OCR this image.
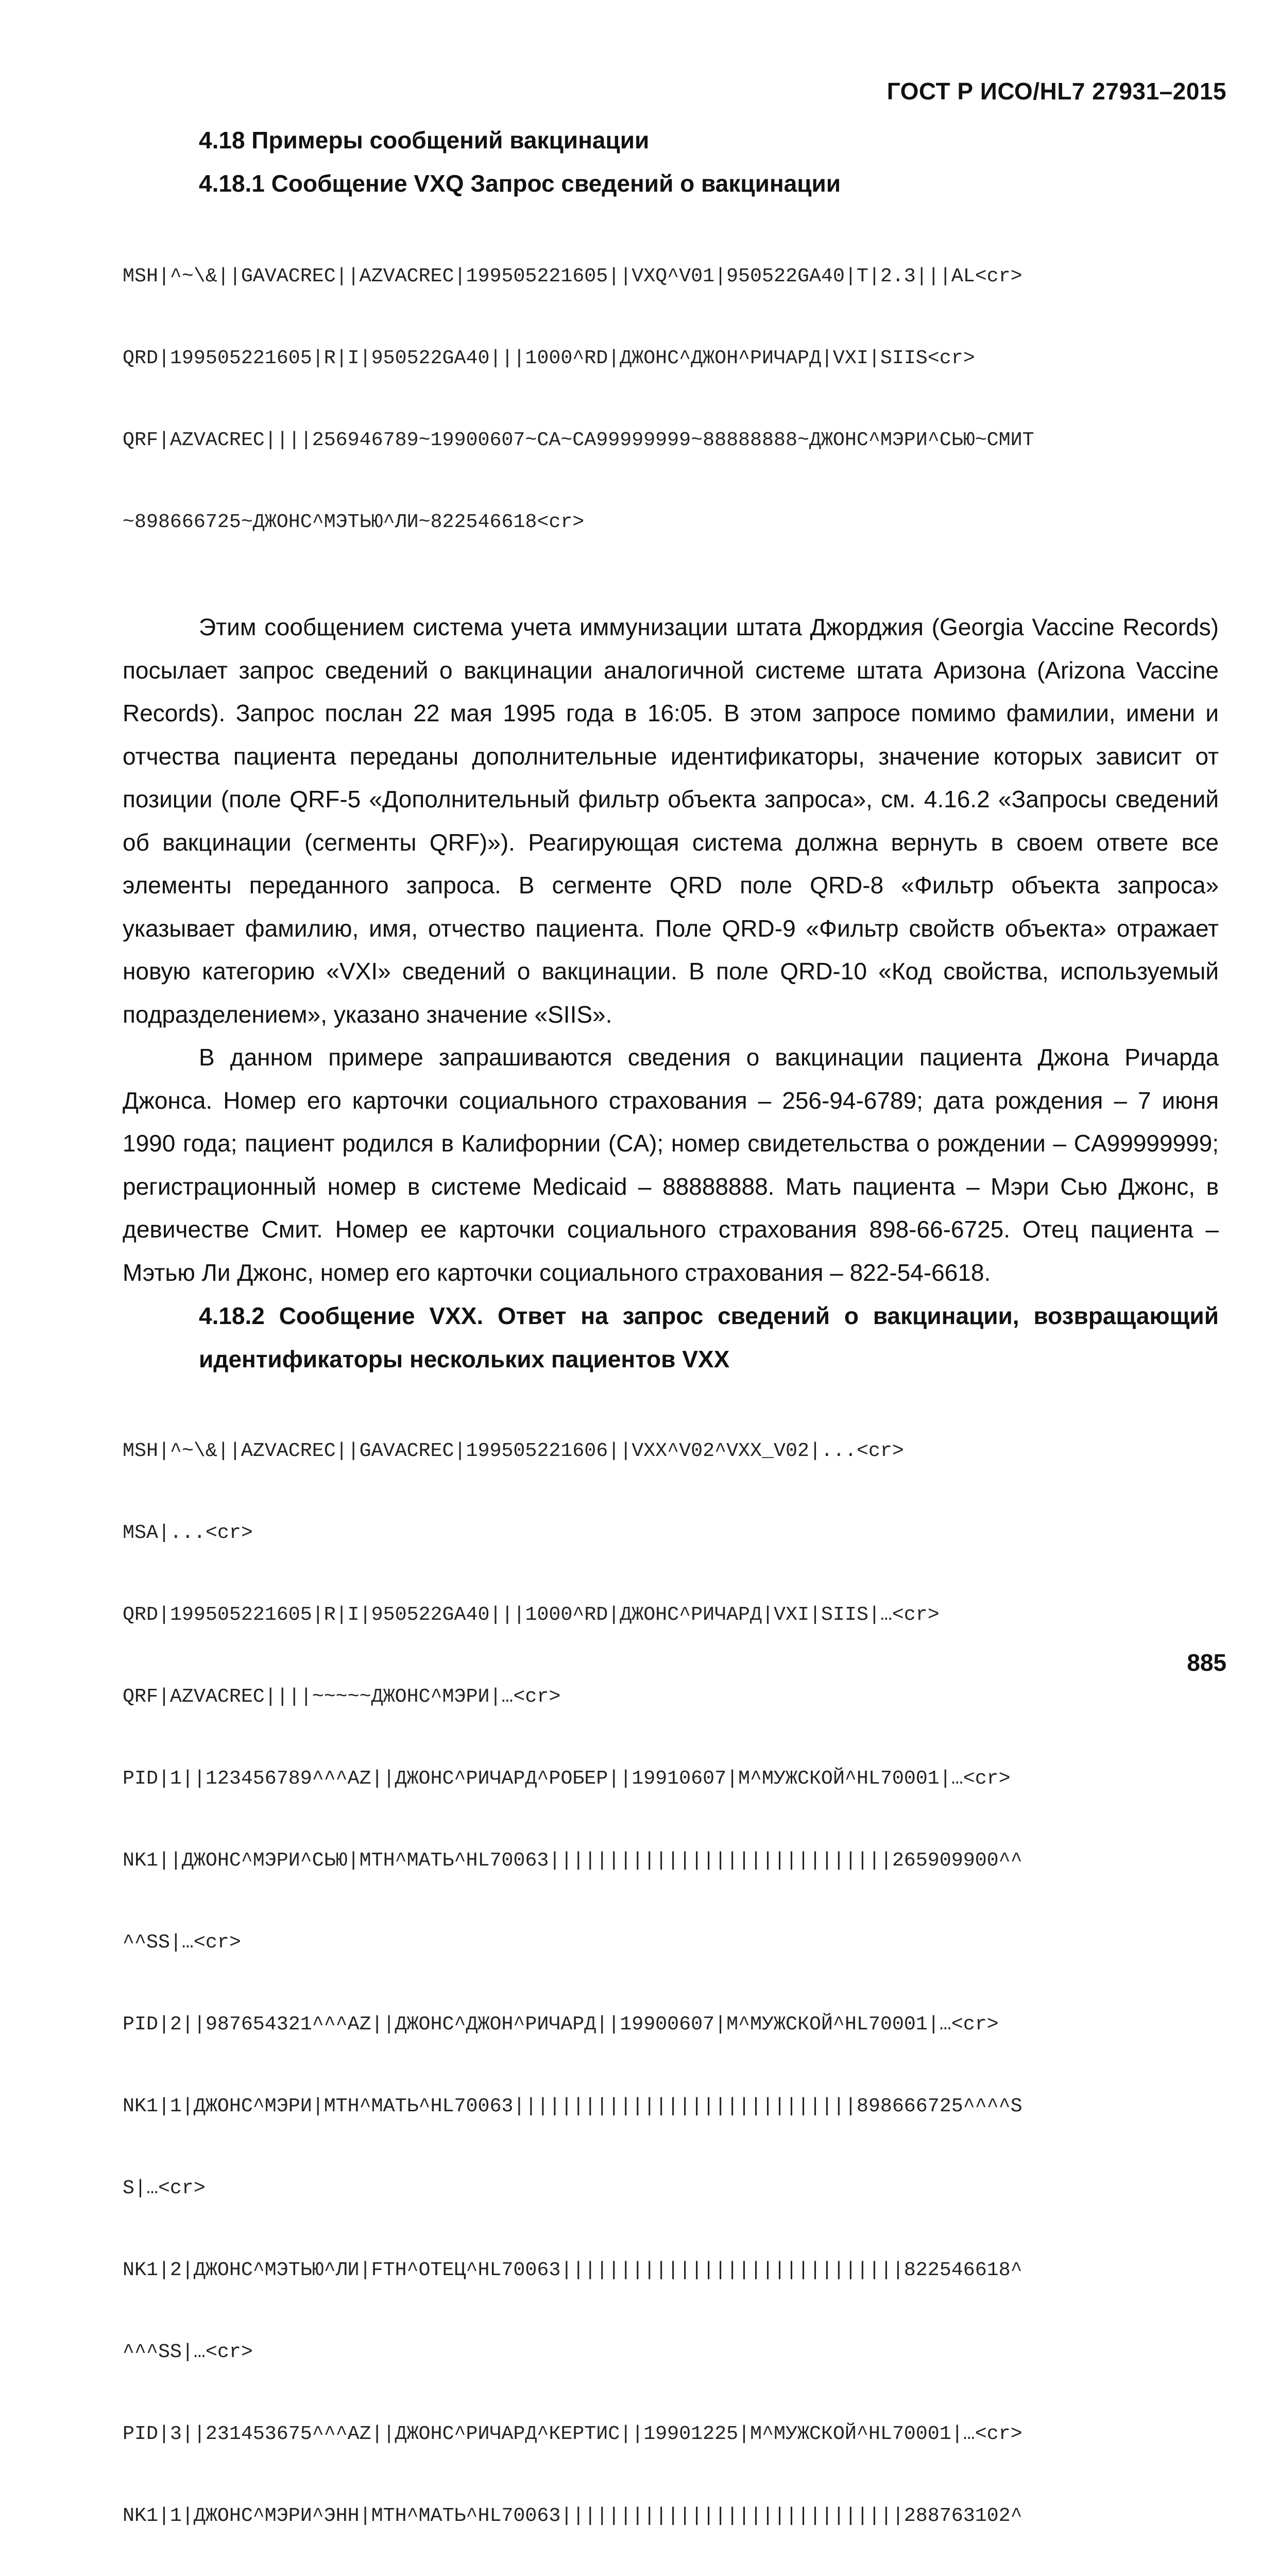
ГОСТ Р ИСО/HL7 27931–2015

4.18 Примеры сообщений вакцинации

4.18.1 Сообщение VXQ Запрос сведений о вакцинации

MSH|^~\&||GAVACREC||AZVACREC|199505221605||VXQ^V01|950522GA40|T|2.3|||AL<cr>

QRD|199505221605|R|I|950522GA40|||1000^RD|ДЖОНС^ДЖОН^РИЧАРД|VXI|SIIS<cr>

QRF|AZVACREC||||256946789~19900607~CA~CA99999999~88888888~ДЖОНС^МЭРИ^СЬЮ~СМИТ

~898666725~ДЖОНС^МЭТЬЮ^ЛИ~822546618<cr>

Этим сообщением система учета иммунизации штата Джорджия (Georgia Vaccine Records) посылает запрос сведений о вакцинации аналогичной системе штата Аризона (Arizona Vaccine Records). Запрос послан 22 мая 1995 года в 16:05. В этом запросе помимо фамилии, имени и отчества пациента переданы дополнительные идентификаторы, значение которых зависит от позиции (поле QRF-5 «Дополнительный фильтр объекта запроса», см. 4.16.2 «Запросы сведений об вакцинации (сегменты QRF)»). Реагирующая система должна вернуть в своем ответе все элементы переданного запроса. В сегменте QRD поле QRD-8 «Фильтр объекта запроса» указывает фамилию, имя, отчество пациента. Поле QRD-9 «Фильтр свойств объекта» отражает новую категорию «VXI» сведений о вакцинации. В поле QRD-10 «Код свойства, используемый подразделением», указано значение «SIIS».

В данном примере запрашиваются сведения о вакцинации пациента Джона Ричарда Джонса. Номер его карточки социального страхования – 256-94-6789; дата рождения – 7 июня 1990 года; пациент родился в Калифорнии (CA); номер свидетельства о рождении – CA99999999; регистрационный номер в системе Medicaid – 88888888. Мать пациента – Мэри Сью Джонс, в девичестве Смит. Номер ее карточки социального страхования 898-66-6725. Отец пациента – Мэтью Ли Джонс, номер его карточки социального страхования – 822-54-6618.

4.18.2 Сообщение VXX. Ответ на запрос сведений о вакцинации, возвращающий идентификаторы нескольких пациентов VXX

MSH|^~\&||AZVACREC||GAVACREC|199505221606||VXX^V02^VXX_V02|...<cr>

MSA|...<cr>

QRD|199505221605|R|I|950522GA40|||1000^RD|ДЖОНС^РИЧАРД|VXI|SIIS|…<cr>

QRF|AZVACREC||||~~~~~ДЖОНС^МЭРИ|…<cr>

PID|1||123456789^^^AZ||ДЖОНС^РИЧАРД^РОБЕР||19910607|M^МУЖСКОЙ^HL70001|…<cr>

NK1||ДЖОНС^МЭРИ^СЬЮ|MTH^МАТЬ^HL70063|||||||||||||||||||||||||||||265909900^^

^^SS|…<cr>

PID|2||987654321^^^AZ||ДЖОНС^ДЖОН^РИЧАРД||19900607|M^МУЖСКОЙ^HL70001|…<cr>

NK1|1|ДЖОНС^МЭРИ|MTH^МАТЬ^HL70063|||||||||||||||||||||||||||||898666725^^^^S

S|…<cr>

NK1|2|ДЖОНС^МЭТЬЮ^ЛИ|FTH^ОТЕЦ^HL70063|||||||||||||||||||||||||||||822546618^

^^^SS|…<cr>

PID|3||231453675^^^AZ||ДЖОНС^РИЧАРД^КЕРТИС||19901225|M^МУЖСКОЙ^HL70001|…<cr>

NK1|1|ДЖОНС^МЭРИ^ЭНН|MTH^МАТЬ^HL70063|||||||||||||||||||||||||||||288763102^

885
